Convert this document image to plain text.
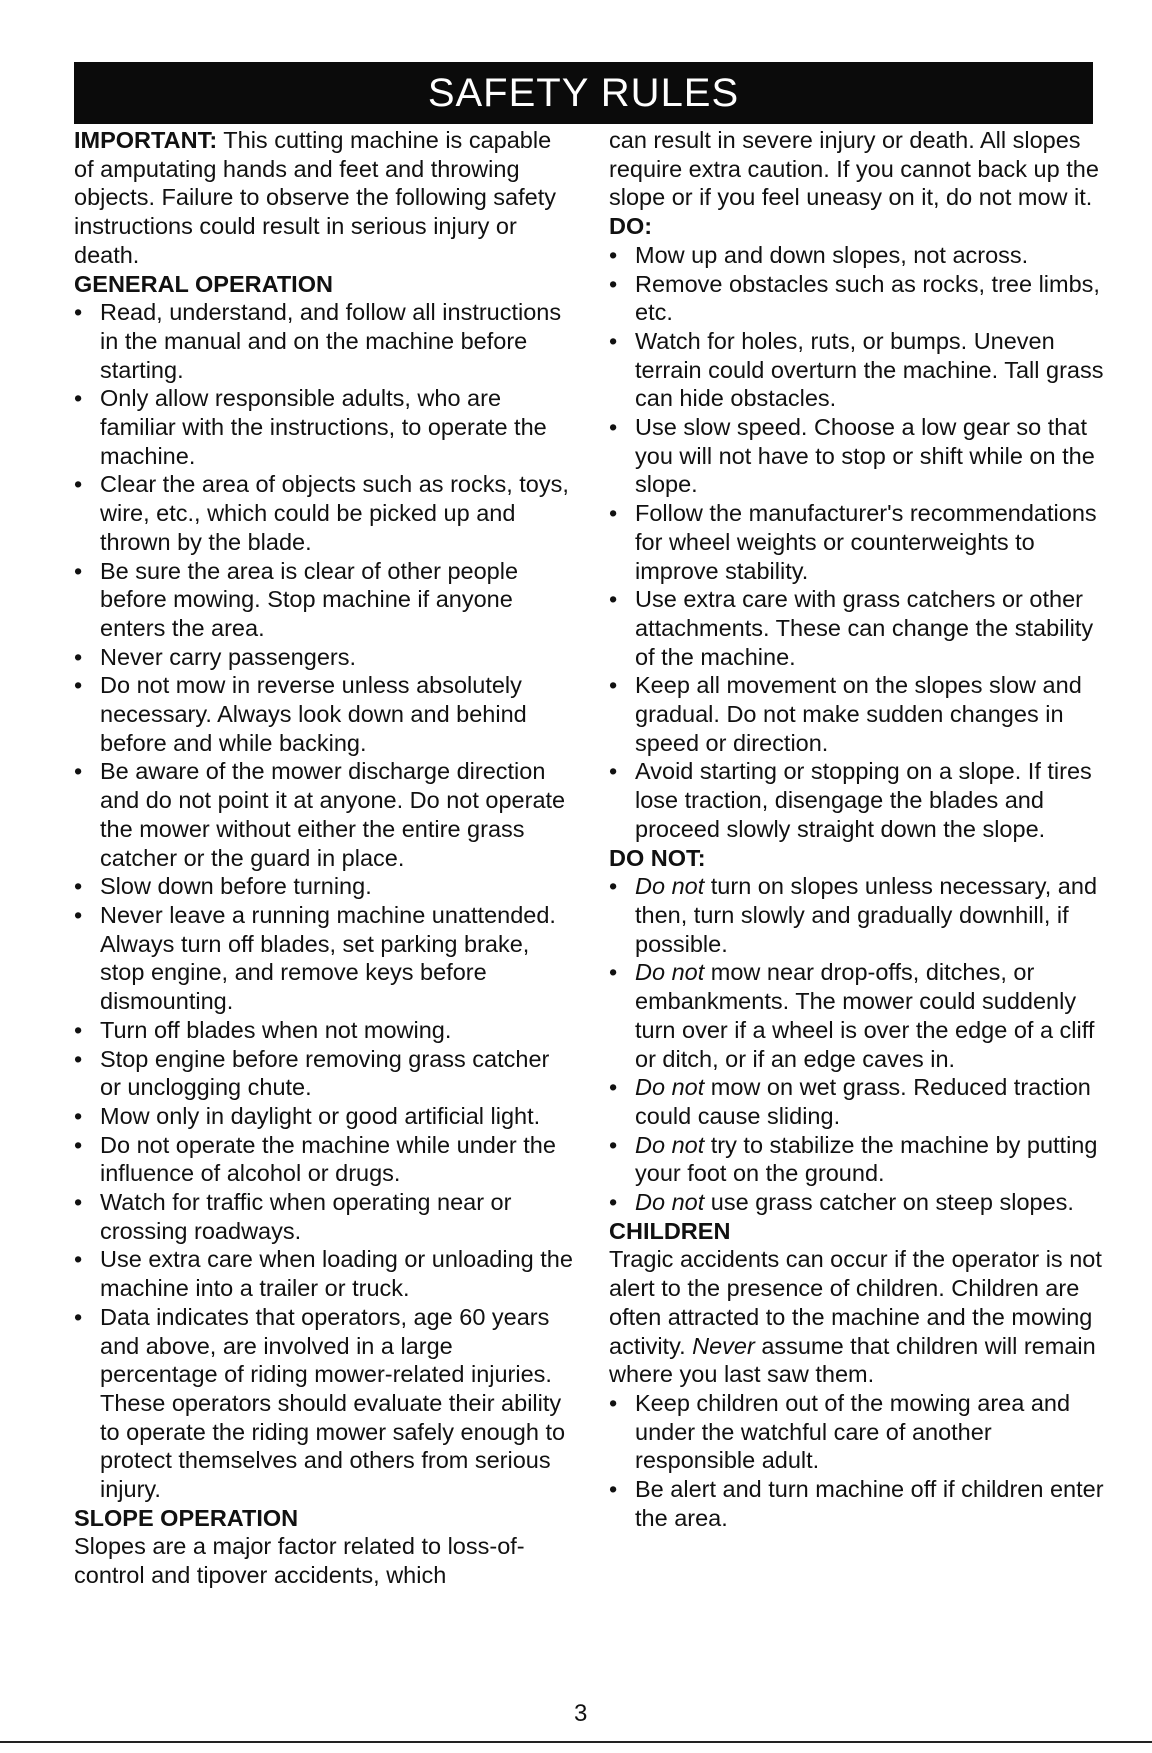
SAFETY RULES

IMPORTANT: This cutting machine is capable of amputating hands and feet and throwing objects. Failure to observe the following safety instructions could result in serious injury or death.

GENERAL OPERATION
• Read, understand, and follow all instructions in the manual and on the machine before starting.
• Only allow responsible adults, who are familiar with the instructions, to operate the machine.
• Clear the area of objects such as rocks, toys, wire, etc., which could be picked up and thrown by the blade.
• Be sure the area is clear of other people before mowing. Stop machine if anyone enters the area.
• Never carry passengers.
• Do not mow in reverse unless absolutely necessary. Always look down and behind before and while backing.
• Be aware of the mower discharge direction and do not point it at anyone. Do not operate the mower without either the entire grass catcher or the guard in place.
• Slow down before turning.
• Never leave a running machine unattended. Always turn off blades, set parking brake, stop engine, and remove keys before dismounting.
• Turn off blades when not mowing.
• Stop engine before removing grass catcher or unclogging chute.
• Mow only in daylight or good artificial light.
• Do not operate the machine while under the influence of alcohol or drugs.
• Watch for traffic when operating near or crossing roadways.
• Use extra care when loading or unloading the machine into a trailer or truck.
• Data indicates that operators, age 60 years and above, are involved in a large percentage of riding mower-related injuries. These operators should evaluate their ability to operate the riding mower safely enough to protect themselves and others from serious injury.
SLOPE OPERATION

Slopes are a major factor related to loss-of-control and tipover accidents, which

can result in severe injury or death. All slopes require extra caution. If you cannot back up the slope or if you feel uneasy on it, do not mow it.

DO:
• Mow up and down slopes, not across.
• Remove obstacles such as rocks, tree limbs, etc.
• Watch for holes, ruts, or bumps. Uneven terrain could overturn the machine. Tall grass can hide obstacles.
• Use slow speed. Choose a low gear so that you will not have to stop or shift while on the slope.
• Follow the manufacturer's recommendations for wheel weights or counterweights to improve stability.
• Use extra care with grass catchers or other attachments. These can change the stability of the machine.
• Keep all movement on the slopes slow and gradual. Do not make sudden changes in speed or direction.
• Avoid starting or stopping on a slope. If tires lose traction, disengage the blades and proceed slowly straight down the slope.
DO NOT:
• Do not turn on slopes unless necessary, and then, turn slowly and gradually downhill, if possible.
• Do not mow near drop-offs, ditches, or embankments. The mower could suddenly turn over if a wheel is over the edge of a cliff or ditch, or if an edge caves in.
• Do not mow on wet grass. Reduced traction could cause sliding.
• Do not try to stabilize the machine by putting your foot on the ground.
• Do not use grass catcher on steep slopes.
CHILDREN

Tragic accidents can occur if the operator is not alert to the presence of children. Children are often attracted to the machine and the mowing activity. Never assume that children will remain where you last saw them.

• Keep children out of the mowing area and under the watchful care of another responsible adult.
• Be alert and turn machine off if children enter the area.
3
